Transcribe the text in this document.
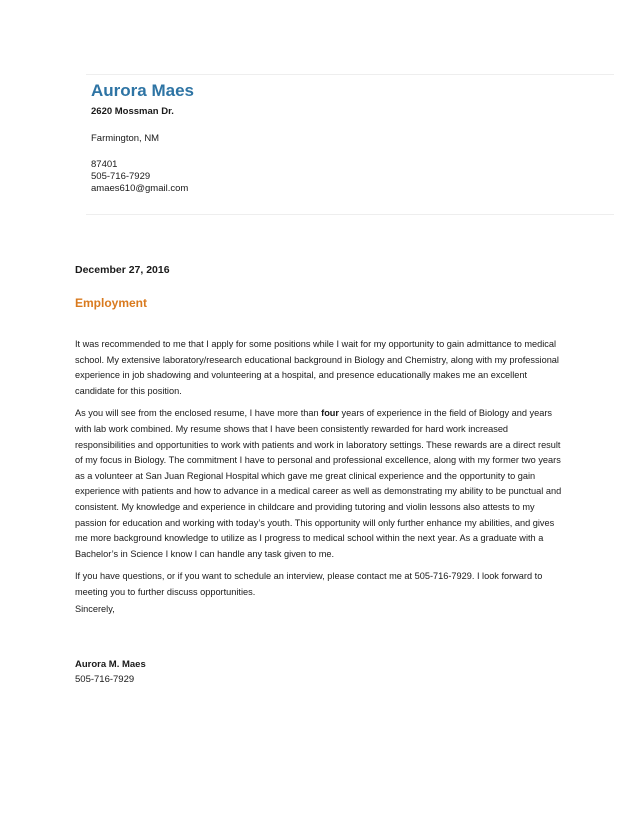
Aurora Maes
2620 Mossman Dr.
Farmington, NM
87401
505-716-7929
amaes610@gmail.com
December 27, 2016
Employment

It was recommended to me that I apply for some positions while I wait for my opportunity to gain admittance to medical school. My extensive laboratory/research educational background in Biology and Chemistry, along with my professional experience in job shadowing and volunteering at a hospital, and presence educationally makes me an excellent candidate for this position.

As you will see from the enclosed resume, I have more than four years of experience in the field of Biology and years with lab work combined. My resume shows that I have been consistently rewarded for hard work increased responsibilities and opportunities to work with patients and work in laboratory settings. These rewards are a direct result of my focus in Biology. The commitment I have to personal and professional excellence, along with my former two years as a volunteer at San Juan Regional Hospital which gave me great clinical experience and the opportunity to gain experience with patients and how to advance in a medical career as well as demonstrating my ability to be punctual and consistent. My knowledge and experience in childcare and providing tutoring and violin lessons also attests to my passion for education and working with today’s youth. This opportunity will only further enhance my abilities, and gives me more background knowledge to utilize as I progress to medical school within the next year. As a graduate with a Bachelor’s in Science I know I can handle any task given to me.

If you have questions, or if you want to schedule an interview, please contact me at 505-716-7929. I look forward to meeting you to further discuss opportunities.

Sincerely,
Aurora M. Maes
505-716-7929
